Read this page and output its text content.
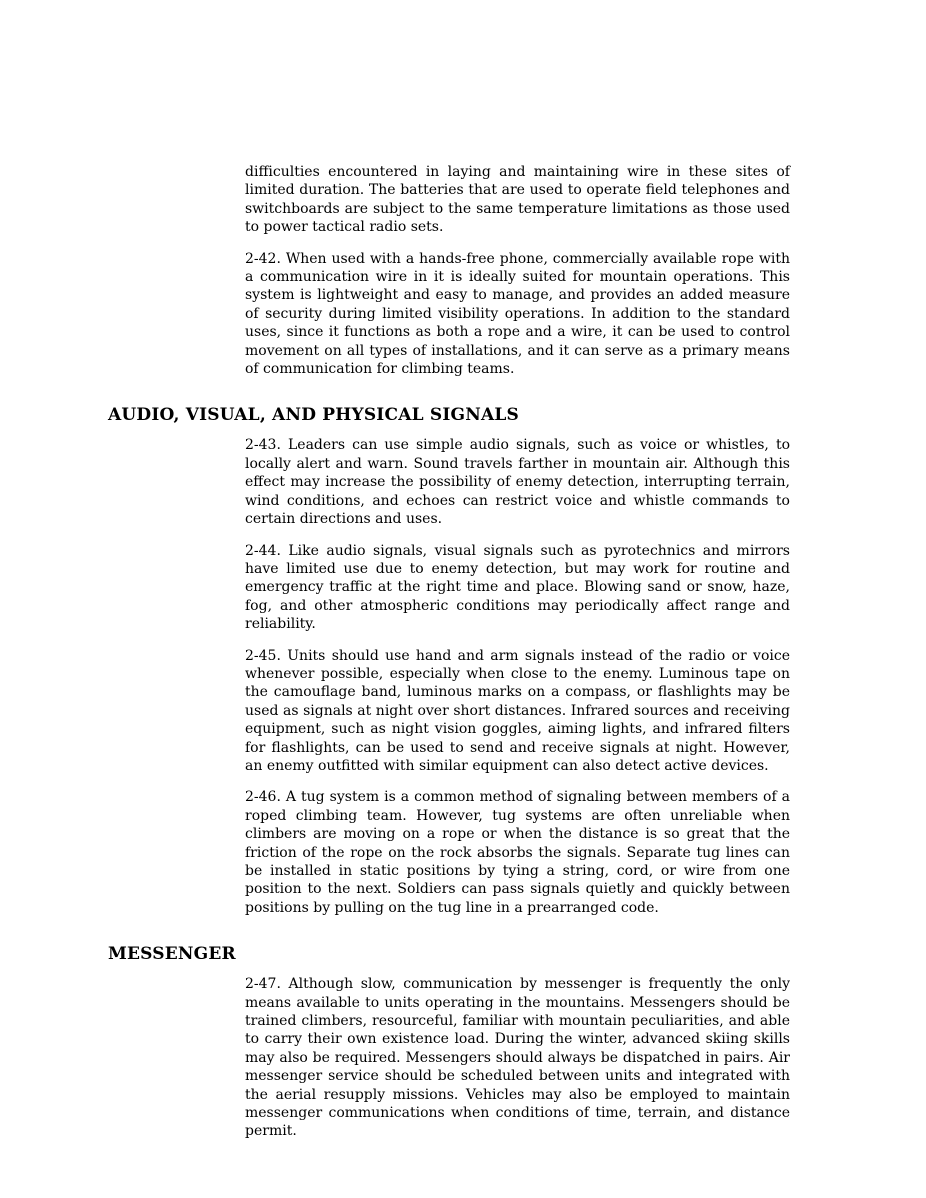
difficulties encountered in laying and maintaining wire in these sites of limited duration. The batteries that are used to operate field telephones and switchboards are subject to the same temperature limitations as those used to power tactical radio sets.

2-42. When used with a hands-free phone, commercially available rope with a communication wire in it is ideally suited for mountain operations. This system is lightweight and easy to manage, and provides an added measure of security during limited visibility operations. In addition to the standard uses, since it functions as both a rope and a wire, it can be used to control movement on all types of installations, and it can serve as a primary means of communication for climbing teams.

AUDIO, VISUAL, AND PHYSICAL SIGNALS

2-43. Leaders can use simple audio signals, such as voice or whistles, to locally alert and warn. Sound travels farther in mountain air. Although this effect may increase the possibility of enemy detection, interrupting terrain, wind conditions, and echoes can restrict voice and whistle commands to certain directions and uses.

2-44. Like audio signals, visual signals such as pyrotechnics and mirrors have limited use due to enemy detection, but may work for routine and emergency traffic at the right time and place. Blowing sand or snow, haze, fog, and other atmospheric conditions may periodically affect range and reliability.

2-45. Units should use hand and arm signals instead of the radio or voice whenever possible, especially when close to the enemy. Luminous tape on the camouflage band, luminous marks on a compass, or flashlights may be used as signals at night over short distances. Infrared sources and receiving equipment, such as night vision goggles, aiming lights, and infrared filters for flashlights, can be used to send and receive signals at night. However, an enemy outfitted with similar equipment can also detect active devices.

2-46. A tug system is a common method of signaling between members of a roped climbing team. However, tug systems are often unreliable when climbers are moving on a rope or when the distance is so great that the friction of the rope on the rock absorbs the signals. Separate tug lines can be installed in static positions by tying a string, cord, or wire from one position to the next. Soldiers can pass signals quietly and quickly between positions by pulling on the tug line in a prearranged code.

MESSENGER

2-47. Although slow, communication by messenger is frequently the only means available to units operating in the mountains. Messengers should be trained climbers, resourceful, familiar with mountain peculiarities, and able to carry their own existence load. During the winter, advanced skiing skills may also be required. Messengers should always be dispatched in pairs. Air messenger service should be scheduled between units and integrated with the aerial resupply missions. Vehicles may also be employed to maintain messenger communications when conditions of time, terrain, and distance permit.
